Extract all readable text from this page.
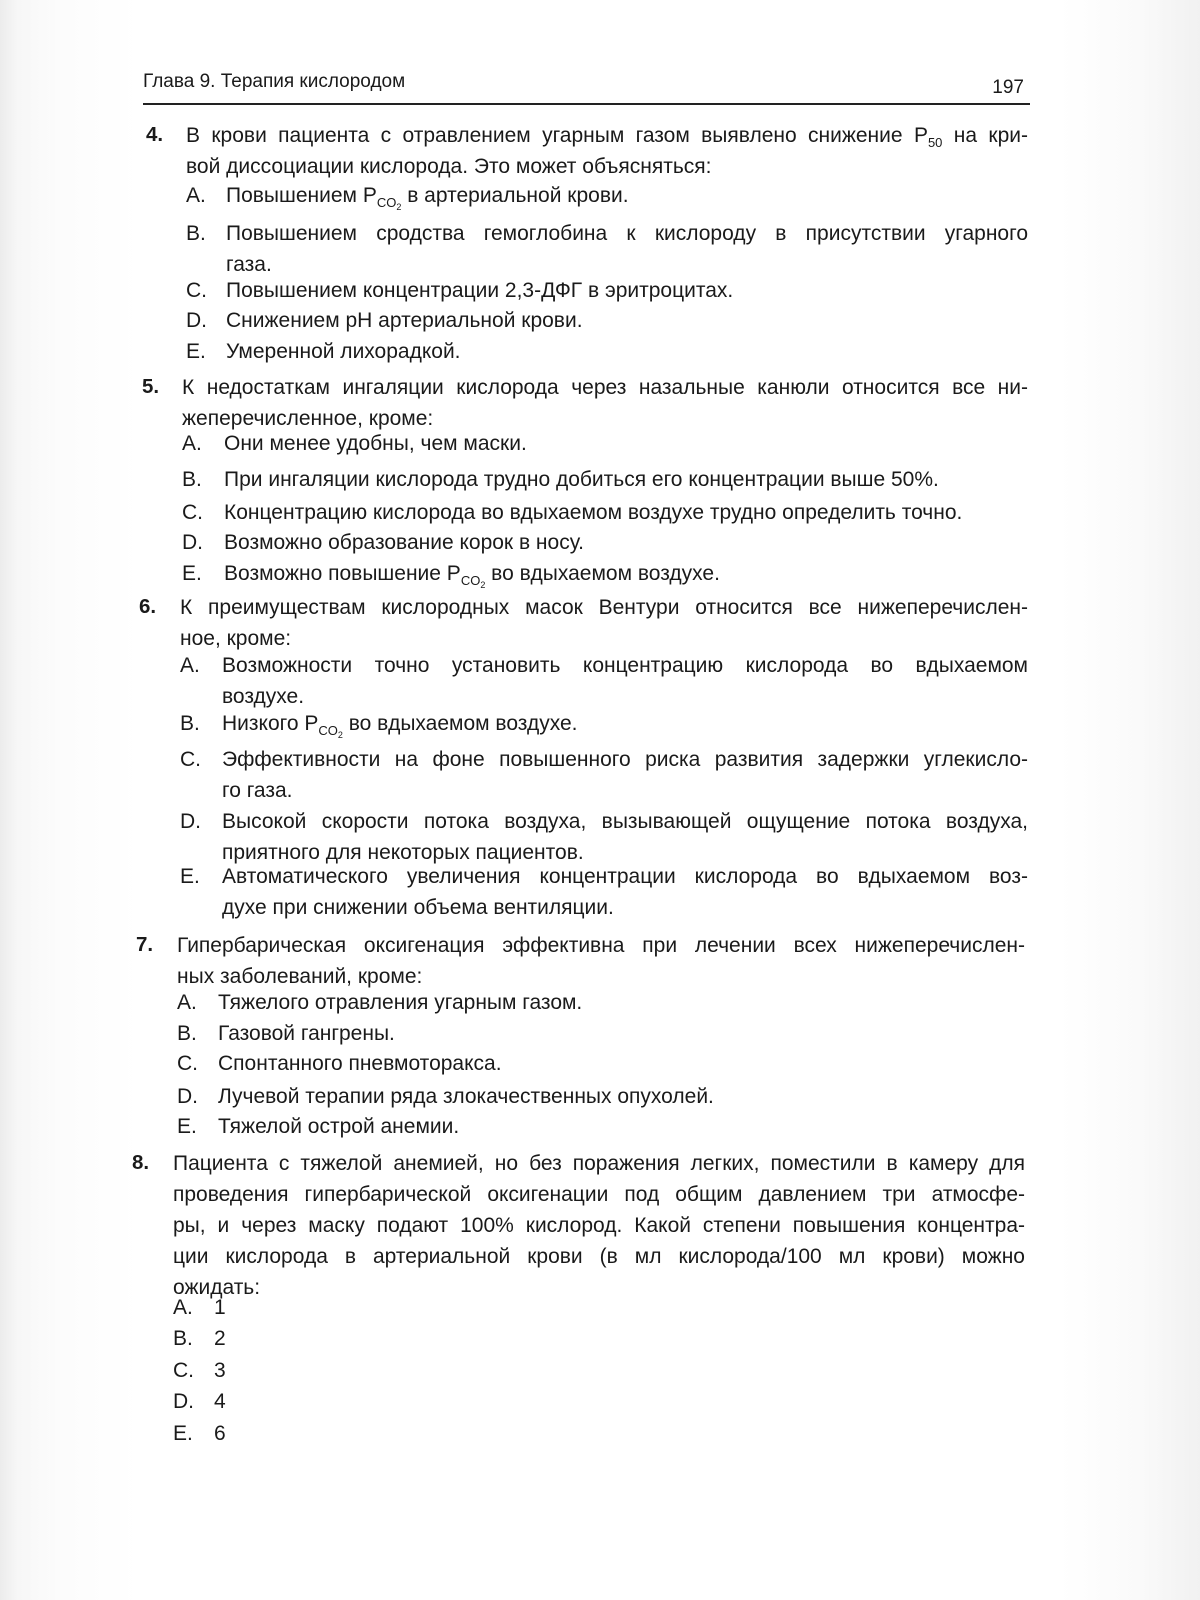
Глава 9. Терапия кислородом	197
4. В крови пациента с отравлением угарным газом выявлено снижение $P_{50}$ на кри-
вой диссоциации кислорода. Это может объясняться:
A. Повышением $P_{CO_2}$ в артериальной крови.
B. Повышением сродства гемоглобина к кислороду в присутствии угарного
газа.
C. Повышением концентрации 2,3-ДФГ в эритроцитах.
D. Снижением pH артериальной крови.
E. Умеренной лихорадкой.
5. К недостаткам ингаляции кислорода через назальные канюли относится все ни-
жеперечисленное, кроме:
A. Они менее удобны, чем маски.
B. При ингаляции кислорода трудно добиться его концентрации выше 50%.
C. Концентрацию кислорода во вдыхаемом воздухе трудно определить точно.
D. Возможно образование корок в носу.
E. Возможно повышение $P_{CO_2}$ во вдыхаемом воздухе.
6. К преимуществам кислородных масок Вентури относится все нижеперечислен-
ное, кроме:
A. Возможности точно установить концентрацию кислорода во вдыхаемом
воздухе.
B. Низкого $P_{CO_2}$ во вдыхаемом воздухе.
C. Эффективности на фоне повышенного риска развития задержки углекисло-
го газа.
D. Высокой скорости потока воздуха, вызывающей ощущение потока воздуха,
приятного для некоторых пациентов.
E. Автоматического увеличения концентрации кислорода во вдыхаемом воз-
духе при снижении объема вентиляции.
7. Гипербарическая оксигенация эффективна при лечении всех нижеперечислен-
ных заболеваний, кроме:
A. Тяжелого отравления угарным газом.
B. Газовой гангрены.
C. Спонтанного пневмоторакса.
D. Лучевой терапии ряда злокачественных опухолей.
E. Тяжелой острой анемии.
8. Пациента с тяжелой анемией, но без поражения легких, поместили в камеру для
проведения гипербарической оксигенации под общим давлением три атмосфе-
ры, и через маску подают 100% кислород. Какой степени повышения концентра-
ции кислорода в артериальной крови (в мл кислорода/100 мл крови) можно
ожидать:
A. 1
B. 2
C. 3
D. 4
E. 6
